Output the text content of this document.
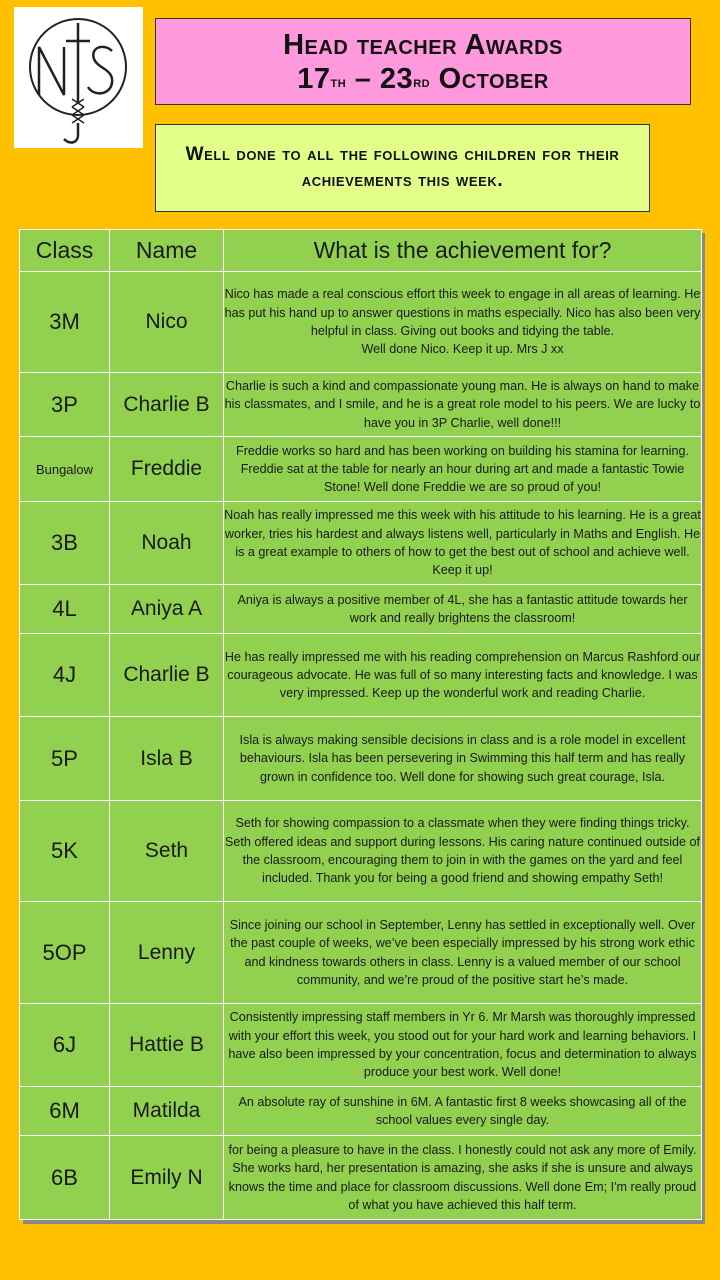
Head teacher Awards
17th – 23rd October
Well done to all the following children for their achievements this week.
Class	Name	What is the achievement for?
3M	Nico	Nico has made a real conscious effort this week to engage in all areas of learning. He has put his hand up to answer questions in maths especially. Nico has also been very helpful in class. Giving out books and tidying the table.
Well done Nico. Keep it up. Mrs J xx

3P	Charlie B	Charlie is such a kind and compassionate young man. He is always on hand to make his classmates, and I smile, and he is a great role model to his peers. We are lucky to have you in 3P Charlie, well done!!!
Bungalow	Freddie	Freddie works so hard and has been working on building his stamina for learning. Freddie sat at the table for nearly an hour during art and made a fantastic Towie Stone! Well done Freddie we are so proud of you!
3B	Noah	Noah has really impressed me this week with his attitude to his learning. He is a great worker, tries his hardest and always listens well, particularly in Maths and English. He is a great example to others of how to get the best out of school and achieve well. Keep it up!
4L	Aniya A	Aniya is always a positive member of 4L, she has a fantastic attitude towards her work and really brightens the classroom!
4J	Charlie B	He has really impressed me with his reading comprehension on Marcus Rashford our courageous advocate. He was full of so many interesting facts and knowledge. I was very impressed. Keep up the wonderful work and reading Charlie.
5P	Isla B	Isla is always making sensible decisions in class and is a role model in excellent behaviours. Isla has been persevering in Swimming this half term and has really grown in confidence too. Well done for showing such great courage, Isla.
5K	Seth	Seth for showing compassion to a classmate when they were finding things tricky. Seth offered ideas and support during lessons. His caring nature continued outside of the classroom, encouraging them to join in with the games on the yard and feel included. Thank you for being a good friend and showing empathy Seth!
5OP	Lenny	Since joining our school in September, Lenny has settled in exceptionally well. Over the past couple of weeks, we’ve been especially impressed by his strong work ethic and kindness towards others in class. Lenny is a valued member of our school community, and we’re proud of the positive start he’s made.
6J	Hattie B	Consistently impressing staff members in Yr 6. Mr Marsh was thoroughly impressed with your effort this week, you stood out for your hard work and learning behaviors. I have also been impressed by your concentration, focus and determination to always produce your best work. Well done!
6M	Matilda	An absolute ray of sunshine in 6M. A fantastic first 8 weeks showcasing all of the school values every single day.
6B	Emily N	for being a pleasure to have in the class. I honestly could not ask any more of Emily. She works hard, her presentation is amazing, she asks if she is unsure and always knows the time and place for classroom discussions. Well done Em; I'm really proud of what you have achieved this half term.
